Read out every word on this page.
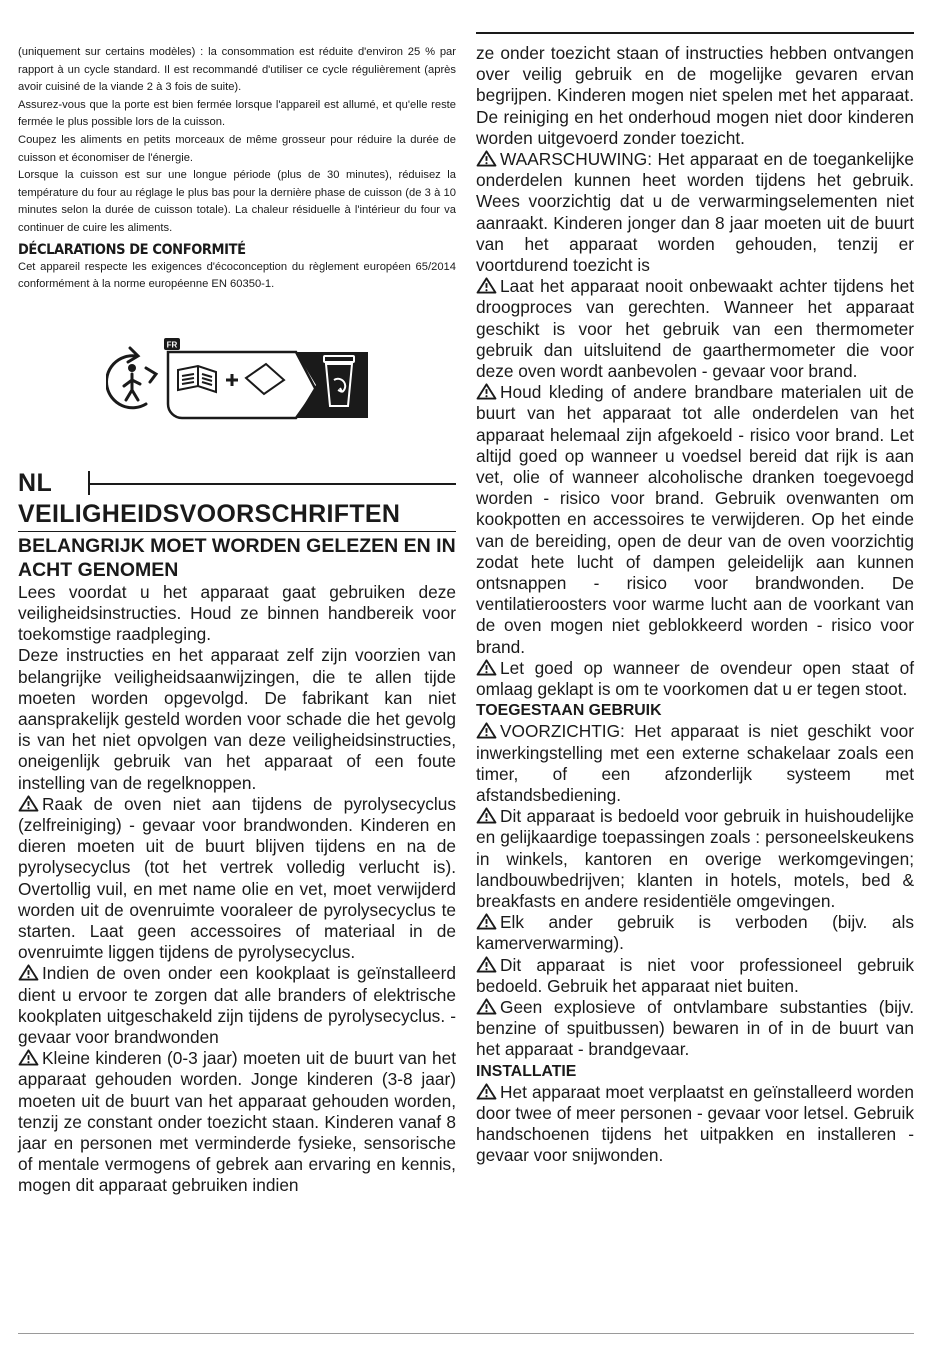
(uniquement sur certains modèles) : la consommation est réduite d'environ 25 % par rapport à un cycle standard. Il est recommandé d'utiliser ce cycle régulièrement (après avoir cuisiné de la viande 2 à 3 fois de suite).

Assurez-vous que la porte est bien fermée lorsque l'appareil est allumé, et qu'elle reste fermée le plus possible lors de la cuisson.

Coupez les aliments en petits morceaux de même grosseur pour réduire la durée de cuisson et économiser de l'énergie.

Lorsque la cuisson est sur une longue période (plus de 30 minutes), réduisez la température du four au réglage le plus bas pour la dernière phase de cuisson (de 3 à 10 minutes selon la durée de cuisson totale). La chaleur résiduelle à l'intérieur du four va continuer de cuire les aliments.

DÉCLARATIONS DE CONFORMITÉ

Cet appareil respecte les exigences d'écoconception du règlement européen 65/2014 conformément à la norme européenne EN 60350-1.

FR
NL
VEILIGHEIDSVOORSCHRIFTEN
BELANGRIJK MOET WORDEN GELEZEN EN IN ACHT GENOMEN

Lees voordat u het apparaat gaat gebruiken deze veiligheidsinstructies. Houd ze binnen handbereik voor toekomstige raadpleging.

Deze instructies en het apparaat zelf zijn voorzien van belangrijke veiligheidsaanwijzingen, die te allen tijde moeten worden opgevolgd. De fabrikant kan niet aansprakelijk gesteld worden voor schade die het gevolg is van het niet opvolgen van deze veiligheidsinstructies, oneigenlijk gebruik van het apparaat of een foute instelling van de regelknoppen.

Raak de oven niet aan tijdens de pyrolysecyclus (zelfreiniging) - gevaar voor brandwonden. Kinderen en dieren moeten uit de buurt blijven tijdens en na de pyrolysecyclus (tot het vertrek volledig verlucht is). Overtollig vuil, en met name olie en vet, moet verwijderd worden uit de ovenruimte vooraleer de pyrolysecyclus te starten. Laat geen accessoires of materiaal in de ovenruimte liggen tijdens de pyrolysecyclus.

Indien de oven onder een kookplaat is geïnstalleerd dient u ervoor te zorgen dat alle branders of elektrische kookplaten uitgeschakeld zijn tijdens de pyrolysecyclus. - gevaar voor brandwonden

Kleine kinderen (0-3 jaar) moeten uit de buurt van het apparaat gehouden worden. Jonge kinderen (3-8 jaar) moeten uit de buurt van het apparaat gehouden worden, tenzij ze constant onder toezicht staan. Kinderen vanaf 8 jaar en personen met verminderde fysieke, sensorische of mentale vermogens of gebrek aan ervaring en kennis, mogen dit apparaat gebruiken indien

ze onder toezicht staan of instructies hebben ontvangen over veilig gebruik en de mogelijke gevaren ervan begrijpen. Kinderen mogen niet spelen met het apparaat. De reiniging en het onderhoud mogen niet door kinderen worden uitgevoerd zonder toezicht.

WAARSCHUWING: Het apparaat en de toegankelijke onderdelen kunnen heet worden tijdens het gebruik. Wees voorzichtig dat u de verwarmingselementen niet aanraakt. Kinderen jonger dan 8 jaar moeten uit de buurt van het apparaat worden gehouden, tenzij er voortdurend toezicht is

Laat het apparaat nooit onbewaakt achter tijdens het droogproces van gerechten. Wanneer het apparaat geschikt is voor het gebruik van een thermometer gebruik dan uitsluitend de gaarthermometer die voor deze oven wordt aanbevolen - gevaar voor brand.

Houd kleding of andere brandbare materialen uit de buurt van het apparaat tot alle onderdelen van het apparaat helemaal zijn afgekoeld - risico voor brand. Let altijd goed op wanneer u voedsel bereid dat rijk is aan vet, olie of wanneer alcoholische dranken toegevoegd worden - risico voor brand. Gebruik ovenwanten om kookpotten en accessoires te verwijderen. Op het einde van de bereiding, open de deur van de oven voorzichtig zodat hete lucht of dampen geleidelijk aan kunnen ontsnappen - risico voor brandwonden. De ventilatieroosters voor warme lucht aan de voorkant van de oven mogen niet geblokkeerd worden - risico voor brand.

Let goed op wanneer de ovendeur open staat of omlaag geklapt is om te voorkomen dat u er tegen stoot.

TOEGESTAAN GEBRUIK

VOORZICHTIG: Het apparaat is niet geschikt voor inwerkingstelling met een externe schakelaar zoals een timer, of een afzonderlijk systeem met afstandsbediening.

Dit apparaat is bedoeld voor gebruik in huishoudelijke en gelijkaardige toepassingen zoals : personeelskeukens in winkels, kantoren en overige werkomgevingen; landbouwbedrijven; klanten in hotels, motels, bed & breakfasts en andere residentiële omgevingen.

Elk ander gebruik is verboden (bijv. als kamerverwarming).

Dit apparaat is niet voor professioneel gebruik bedoeld. Gebruik het apparaat niet buiten.

Geen explosieve of ontvlambare substanties (bijv. benzine of spuitbussen) bewaren in of in de buurt van het apparaat - brandgevaar.

INSTALLATIE

Het apparaat moet verplaatst en geïnstalleerd worden door twee of meer personen - gevaar voor letsel. Gebruik handschoenen tijdens het uitpakken en installeren - gevaar voor snijwonden.
